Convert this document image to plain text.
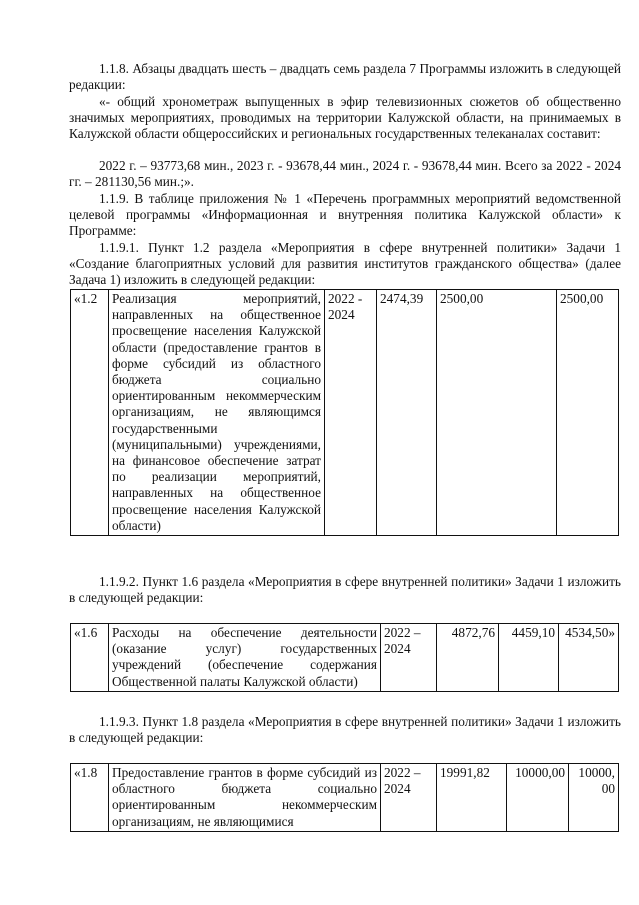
1.1.8. Абзацы двадцать шесть – двадцать семь раздела 7 Программы изложить в следующей редакции:

«- общий хронометраж выпущенных в эфир телевизионных сюжетов об общественно значимых мероприятиях, проводимых на территории Калужской области, на принимаемых в Калужской области общероссийских и региональных государственных телеканалах составит:

2022 г. – 93773,68 мин., 2023 г. - 93678,44 мин., 2024 г. - 93678,44 мин. Всего за 2022 - 2024 гг. – 281130,56 мин.;».

1.1.9. В таблице приложения № 1 «Перечень программных мероприятий ведомственной целевой программы «Информационная и внутренняя политика Калужской области» к Программе:

1.1.9.1. Пункт 1.2 раздела «Мероприятия в сфере внутренней политики» Задачи 1 «Создание благоприятных условий для развития институтов гражданского общества» (далее Задача 1) изложить в следующей редакции:

«1.2	Реализация мероприятий, направленных на общественное просвещение населения Калужской области (предоставление грантов в форме субсидий из областного бюджета социально ориентированным некоммерческим организациям, не являющимся государственными (муниципальными) учреждениями, на финансовое обеспечение затрат по реализации мероприятий, направленных на общественное просвещение населения Калужской области)	2022 - 2024	2474,39	2500,00	2500,00

1.1.9.2. Пункт 1.6 раздела «Мероприятия в сфере внутренней политики» Задачи 1 изложить в следующей редакции:

«1.6	Расходы на обеспечение деятельности (оказание услуг) государственных учреждений (обеспечение содержания Общественной палаты Калужской области)	2022 – 2024	4872,76	4459,10	4534,50»

1.1.9.3. Пункт 1.8 раздела «Мероприятия в сфере внутренней политики» Задачи 1 изложить в следующей редакции:

«1.8	Предоставление грантов в форме субсидий из областного бюджета социально ориентированным некоммерческим организациям, не являющимися	2022 – 2024	19991,82	10000,00	10000,00
